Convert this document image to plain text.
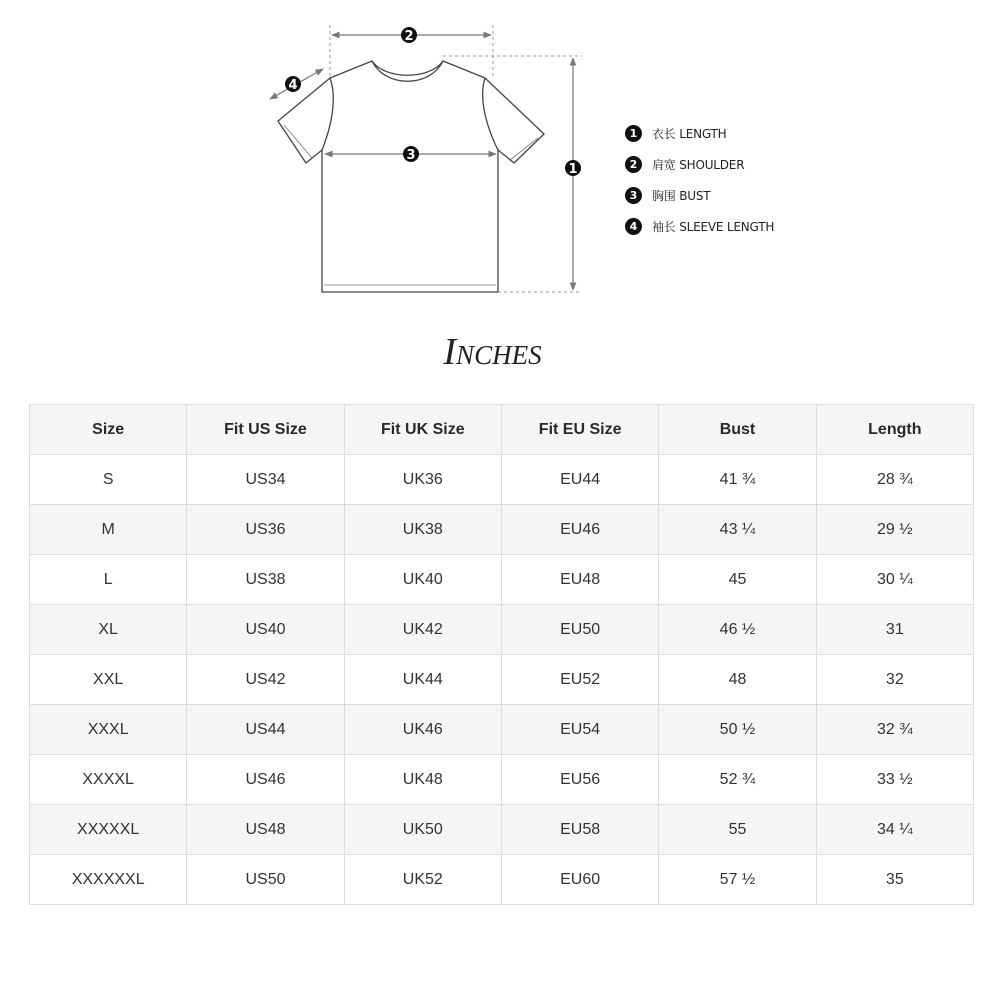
2
3
1
4
1	衣长 LENGTH
2	肩宽 SHOULDER
3	胸围 BUST
4	袖长 SLEEVE LENGTH
Inches
Size	Fit US Size	Fit UK Size	Fit EU Size	Bust	Length
S	US34	UK36	EU44	41 ¾	28 ¾
M	US36	UK38	EU46	43 ¼	29 ½
L	US38	UK40	EU48	45	30 ¼
XL	US40	UK42	EU50	46 ½	31
XXL	US42	UK44	EU52	48	32
XXXL	US44	UK46	EU54	50 ½	32 ¾
XXXXL	US46	UK48	EU56	52 ¾	33 ½
XXXXXL	US48	UK50	EU58	55	34 ¼
XXXXXXL	US50	UK52	EU60	57 ½	35
